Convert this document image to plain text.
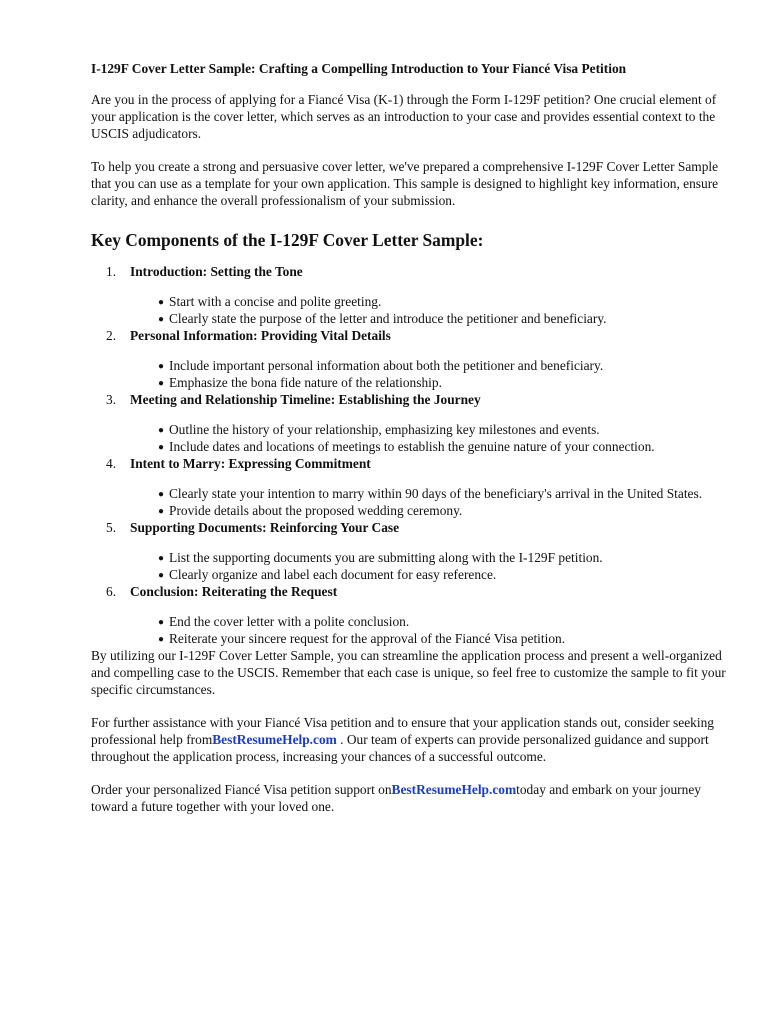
I-129F Cover Letter Sample: Crafting a Compelling Introduction to Your Fiancé Visa Petition

Are you in the process of applying for a Fiancé Visa (K-1) through the Form I-129F petition? One crucial element of your application is the cover letter, which serves as an introduction to your case and provides essential context to the USCIS adjudicators.

To help you create a strong and persuasive cover letter, we've prepared a comprehensive I-129F Cover Letter Sample that you can use as a template for your own application. This sample is designed to highlight key information, ensure clarity, and enhance the overall professionalism of your submission.

Key Components of the I-129F Cover Letter Sample:
1. Introduction: Setting the Tone
● Start with a concise and polite greeting.
● Clearly state the purpose of the letter and introduce the petitioner and beneficiary.
2. Personal Information: Providing Vital Details
● Include important personal information about both the petitioner and beneficiary.
● Emphasize the bona fide nature of the relationship.
3. Meeting and Relationship Timeline: Establishing the Journey
● Outline the history of your relationship, emphasizing key milestones and events.
● Include dates and locations of meetings to establish the genuine nature of your connection.
4. Intent to Marry: Expressing Commitment
● Clearly state your intention to marry within 90 days of the beneficiary's arrival in the United States.
● Provide details about the proposed wedding ceremony.
5. Supporting Documents: Reinforcing Your Case
● List the supporting documents you are submitting along with the I-129F petition.
● Clearly organize and label each document for easy reference.
6. Conclusion: Reiterating the Request
● End the cover letter with a polite conclusion.
● Reiterate your sincere request for the approval of the Fiancé Visa petition.

By utilizing our I-129F Cover Letter Sample, you can streamline the application process and present a well-organized and compelling case to the USCIS. Remember that each case is unique, so feel free to customize the sample to fit your specific circumstances.

For further assistance with your Fiancé Visa petition and to ensure that your application stands out, consider seeking professional help fromBestResumeHelp.com . Our team of experts can provide personalized guidance and support throughout the application process, increasing your chances of a successful outcome.

Order your personalized Fiancé Visa petition support onBestResumeHelp.comtoday and embark on your journey toward a future together with your loved one.
